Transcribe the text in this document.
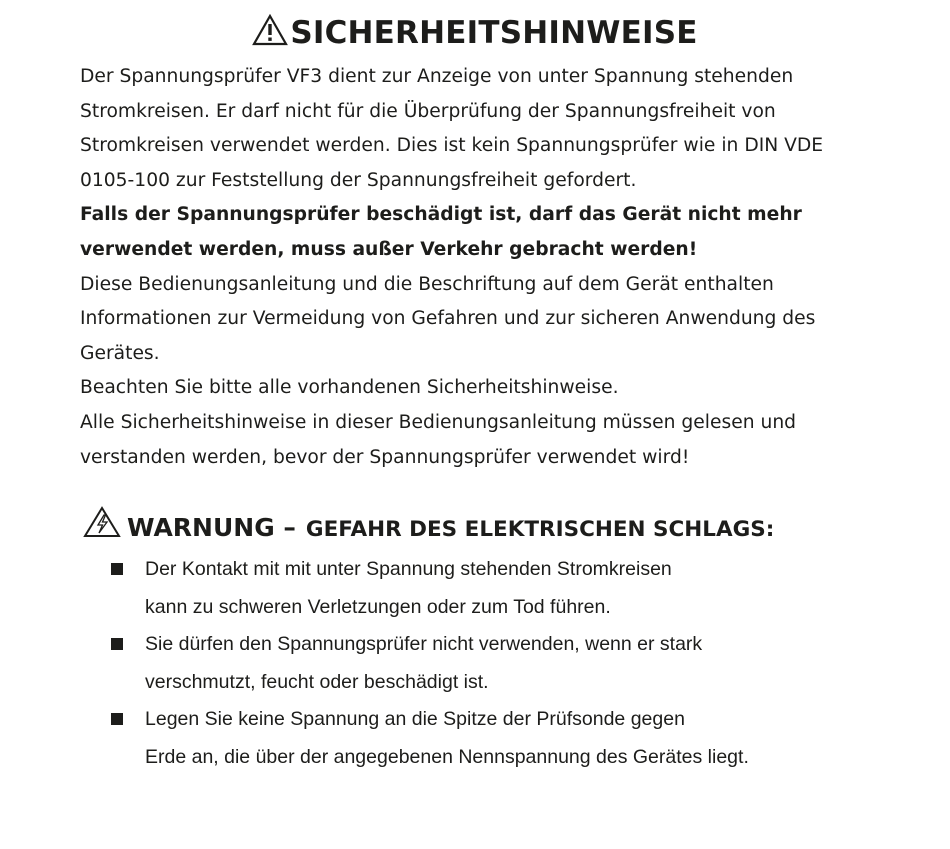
SICHERHEITSHINWEISE

Der Spannungsprüfer VF3 dient zur Anzeige von unter Spannung stehenden Stromkreisen. Er darf nicht für die Überprüfung der Spannungsfreiheit von Stromkreisen verwendet werden. Dies ist kein Spannungsprüfer wie in DIN VDE 0105-100 zur Feststellung der Spannungsfreiheit gefordert.

Falls der Spannungsprüfer beschädigt ist, darf das Gerät nicht mehr verwendet werden, muss außer Verkehr gebracht werden!

Diese Bedienungsanleitung und die Beschriftung auf dem Gerät enthalten Informationen zur Vermeidung von Gefahren und zur sicheren Anwendung des Gerätes.

Beachten Sie bitte alle vorhandenen Sicherheitshinweise.

Alle Sicherheitshinweise in dieser Bedienungsanleitung müssen gelesen und verstanden werden, bevor der Spannungsprüfer verwendet wird!

WARNUNG – GEFAHR DES ELEKTRISCHEN SCHLAGS:
Der Kontakt mit mit unter Spannung stehenden Stromkreisen
kann zu schweren Verletzungen oder zum Tod führen.
Sie dürfen den Spannungsprüfer nicht verwenden, wenn er stark
verschmutzt, feucht oder beschädigt ist.
Legen Sie keine Spannung an die Spitze der Prüfsonde gegen
Erde an, die über der angegebenen Nennspannung des Gerätes liegt.
